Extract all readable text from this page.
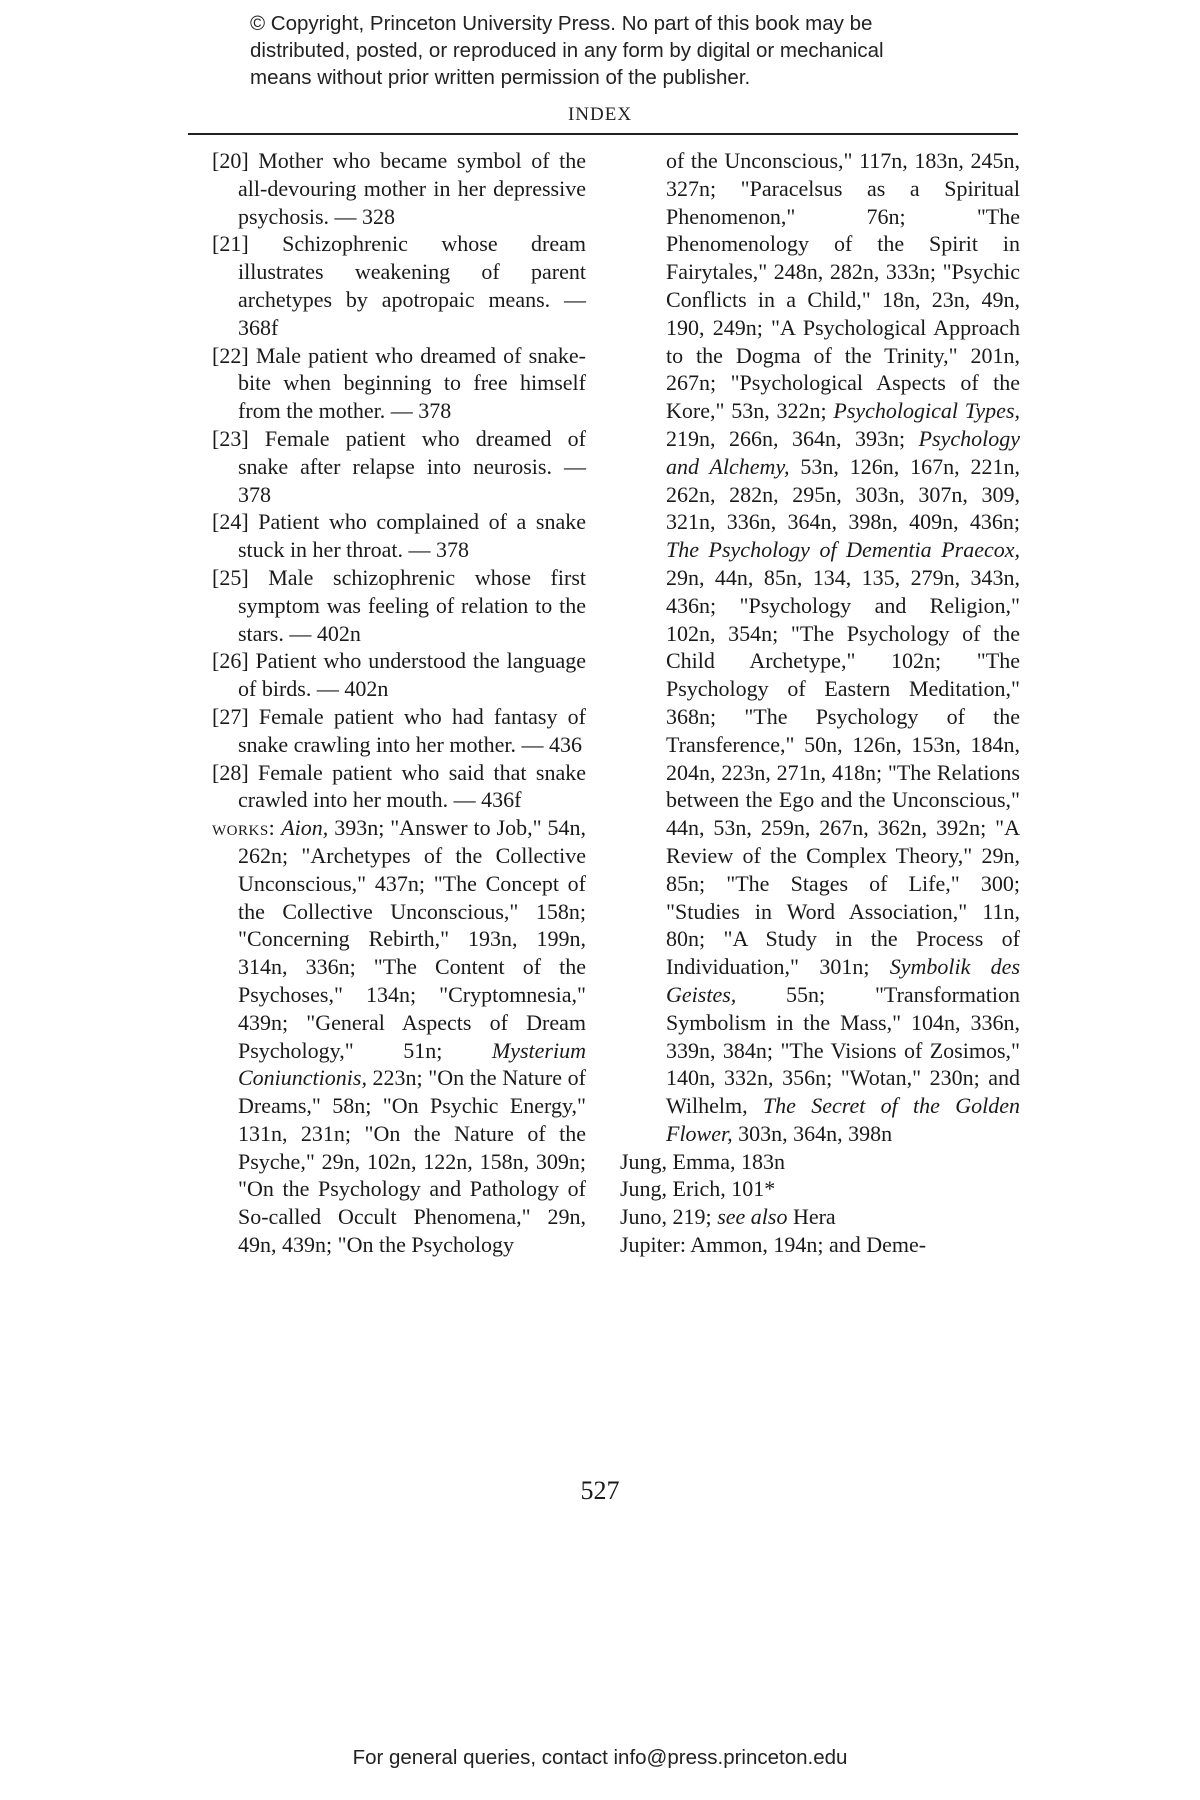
© Copyright, Princeton University Press. No part of this book may be
distributed, posted, or reproduced in any form by digital or mechanical
means without prior written permission of the publisher.
INDEX
[20] Mother who became symbol of the all-devouring mother in her depressive psychosis. — 328
[21] Schizophrenic whose dream illustrates weakening of parent archetypes by apotropaic means. — 368f
[22] Male patient who dreamed of snake-bite when beginning to free himself from the mother. — 378
[23] Female patient who dreamed of snake after relapse into neurosis. — 378
[24] Patient who complained of a snake stuck in her throat. — 378
[25] Male schizophrenic whose first symptom was feeling of relation to the stars. — 402n
[26] Patient who understood the language of birds. — 402n
[27] Female patient who had fantasy of snake crawling into her mother. — 436
[28] Female patient who said that snake crawled into her mouth. — 436f
works: Aion, 393n; "Answer to Job," 54n, 262n; "Archetypes of the Collective Unconscious," 437n; "The Concept of the Collective Unconscious," 158n; "Concerning Rebirth," 193n, 199n, 314n, 336n; "The Content of the Psychoses," 134n; "Cryptomnesia," 439n; "General Aspects of Dream Psychology," 51n; Mysterium Coniunctionis, 223n; "On the Nature of Dreams," 58n; "On Psychic Energy," 131n, 231n; "On the Nature of the Psyche," 29n, 102n, 122n, 158n, 309n; "On the Psychology and Pathology of So-called Occult Phenomena," 29n, 49n, 439n; "On the Psychology
of the Unconscious," 117n, 183n, 245n, 327n; "Paracelsus as a Spiritual Phenomenon," 76n; "The Phenomenology of the Spirit in Fairytales," 248n, 282n, 333n; "Psychic Conflicts in a Child," 18n, 23n, 49n, 190, 249n; "A Psychological Approach to the Dogma of the Trinity," 201n, 267n; "Psychological Aspects of the Kore," 53n, 322n; Psychological Types, 219n, 266n, 364n, 393n; Psychology and Alchemy, 53n, 126n, 167n, 221n, 262n, 282n, 295n, 303n, 307n, 309, 321n, 336n, 364n, 398n, 409n, 436n; The Psychology of Dementia Praecox, 29n, 44n, 85n, 134, 135, 279n, 343n, 436n; "Psychology and Religion," 102n, 354n; "The Psychology of the Child Archetype," 102n; "The Psychology of Eastern Meditation," 368n; "The Psychology of the Transference," 50n, 126n, 153n, 184n, 204n, 223n, 271n, 418n; "The Relations between the Ego and the Unconscious," 44n, 53n, 259n, 267n, 362n, 392n; "A Review of the Complex Theory," 29n, 85n; "The Stages of Life," 300; "Studies in Word Association," 11n, 80n; "A Study in the Process of Individuation," 301n; Symbolik des Geistes, 55n; "Transformation Symbolism in the Mass," 104n, 336n, 339n, 384n; "The Visions of Zosimos," 140n, 332n, 356n; "Wotan," 230n; and Wilhelm, The Secret of the Golden Flower, 303n, 364n, 398n
Jung, Emma, 183n
Jung, Erich, 101*
Juno, 219; see also Hera
Jupiter: Ammon, 194n; and Deme-
527
For general queries, contact info@press.princeton.edu
